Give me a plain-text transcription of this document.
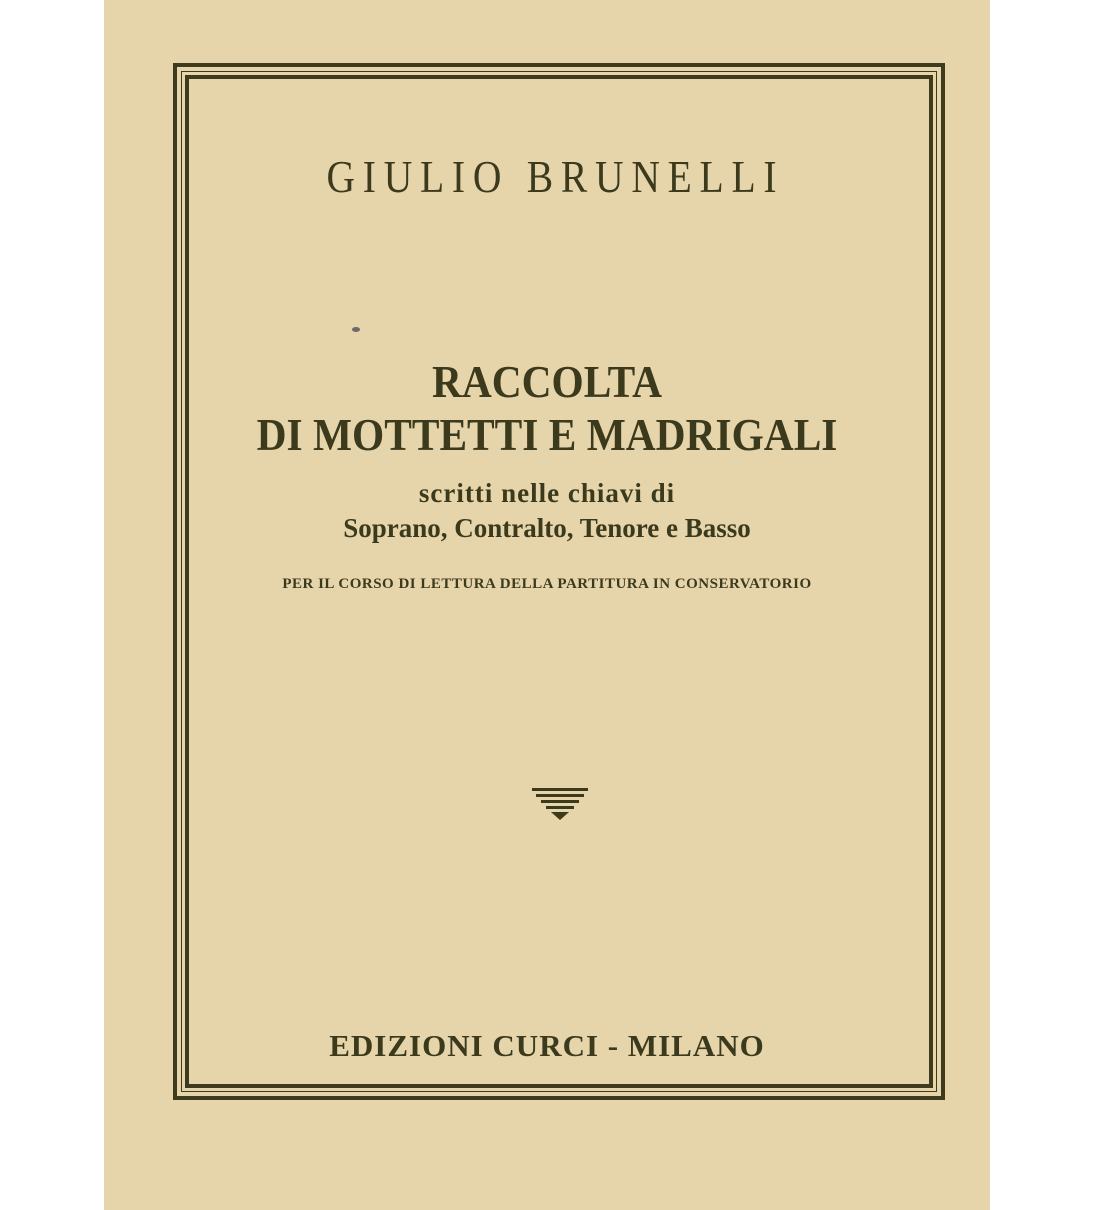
GIULIO BRUNELLI
RACCOLTA
DI MOTTETTI E MADRIGALI
scritti nelle chiavi di
Soprano, Contralto, Tenore e Basso
PER IL CORSO DI LETTURA DELLA PARTITURA IN CONSERVATORIO
EDIZIONI CURCI - MILANO
